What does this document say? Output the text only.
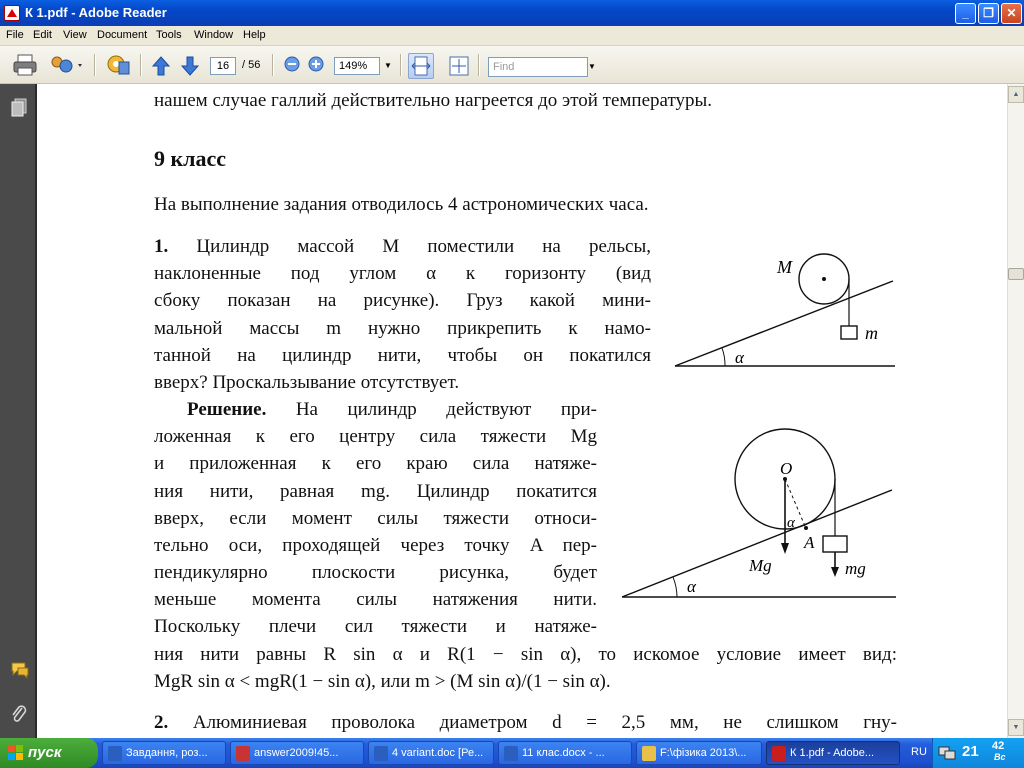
К 1.pdf - Adobe Reader	_	❐	✕
File Edit View Document Tools Window Help
16	/ 56	149%	▼	Find	▼
нашем случае галлий действительно нагреется до этой температуры.
9 класс
На выполнение задания отводилось 4 астрономических часа.
1. Цилиндр массой M поместили на рельсы,
наклоненные под углом α к горизонту (вид
сбоку показан на рисунке). Груз какой мини-
мальной массы m нужно прикрепить к намо-
танной на цилиндр нити, чтобы он покатился
вверх? Проскальзывание отсутствует.
Решение. На цилиндр действуют при-
ложенная к его центру сила тяжести Mg
и приложенная к его краю сила натяже-
ния нити, равная mg. Цилиндр покатится
вверх, если момент силы тяжести относи-
тельно оси, проходящей через точку A пер-
пендикулярно плоскости рисунка, будет
меньше момента силы натяжения нити.
Поскольку плечи сил тяжести и натяже-
ния нити равны R sin α и R(1 − sin α), то искомое условие имеет вид:
MgR sin α < mgR(1 − sin α), или m > (M sin α)/(1 − sin α).
2. Алюминиевая проволока диаметром d = 2,5 мм, не слишком гну-
M
m
α
O
A
α
α
Mg⃗	mg⃗
▲
▼
пуск	Завдання, роз...	answer2009!45...	4 variant.doc [Ре...	11 клас.docx - ...	F:\фізика 2013\...	К 1.pdf - Adobe...	RU 21 42
Вс
